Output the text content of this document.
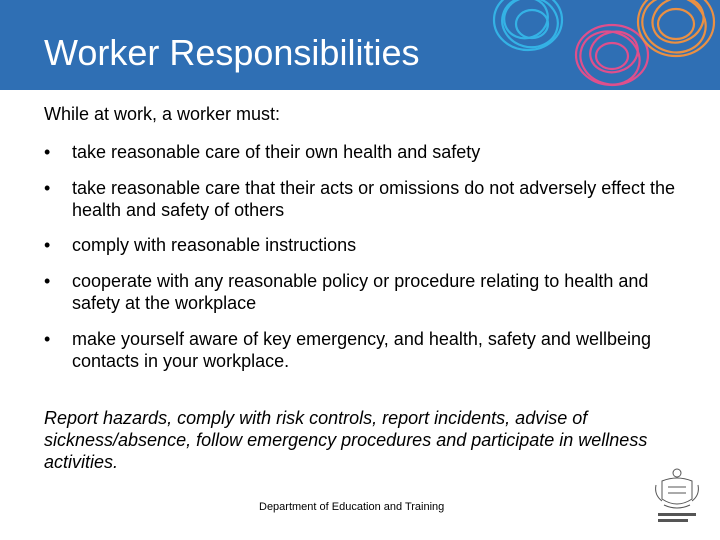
Worker Responsibilities
While at work, a worker must:
•	take reasonable care of their own health and safety
•	take reasonable care that their acts or omissions do not adversely effect the health and safety of others
•	comply with reasonable instructions
•	cooperate with any reasonable policy or procedure relating to health and safety at the workplace
•	make yourself aware of key emergency, and health, safety and wellbeing contacts in your workplace.
Report hazards, comply with risk controls, report incidents, advise of sickness/absence, follow emergency procedures and participate in wellness activities.
Department of Education and Training
